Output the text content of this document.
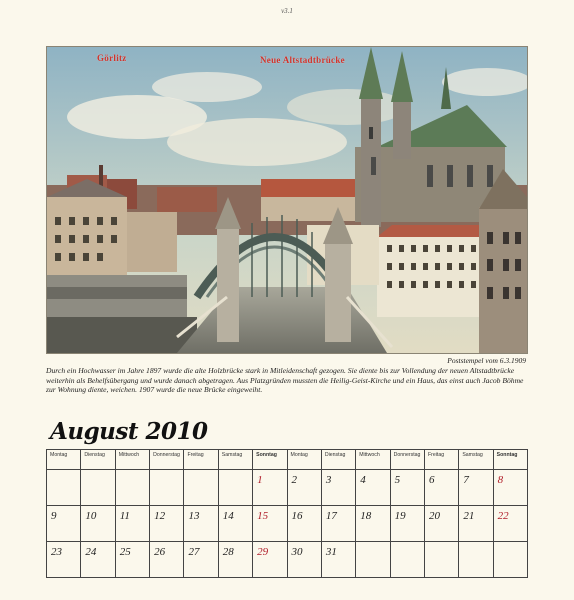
v3.1
Görlitz	Neue Altstadtbrücke
Poststempel vom 6.3.1909
Durch ein Hochwasser im Jahre 1897 wurde die alte Holzbrücke stark in Mitleidenschaft gezogen. Sie diente bis zur Vollendung der neuen Altstadtbrücke weiterhin als Behelfsübergang und wurde danach abgetragen. Aus Platzgründen mussten die Heilig-Geist-Kirche und ein Haus, das einst auch Jacob Böhme zur Wohnung diente, weichen. 1907 wurde die neue Brücke eingeweiht.
August 2010
Montag	Dienstag	Mittwoch	Donnerstag	Freitag	Samstag	Sonntag	Montag	Dienstag	Mittwoch	Donnerstag	Freitag	Samstag	Sonntag
						1	2	3	4	5	6	7	8
9	10	11	12	13	14	15	16	17	18	19	20	21	22
23	24	25	26	27	28	29	30	31					
